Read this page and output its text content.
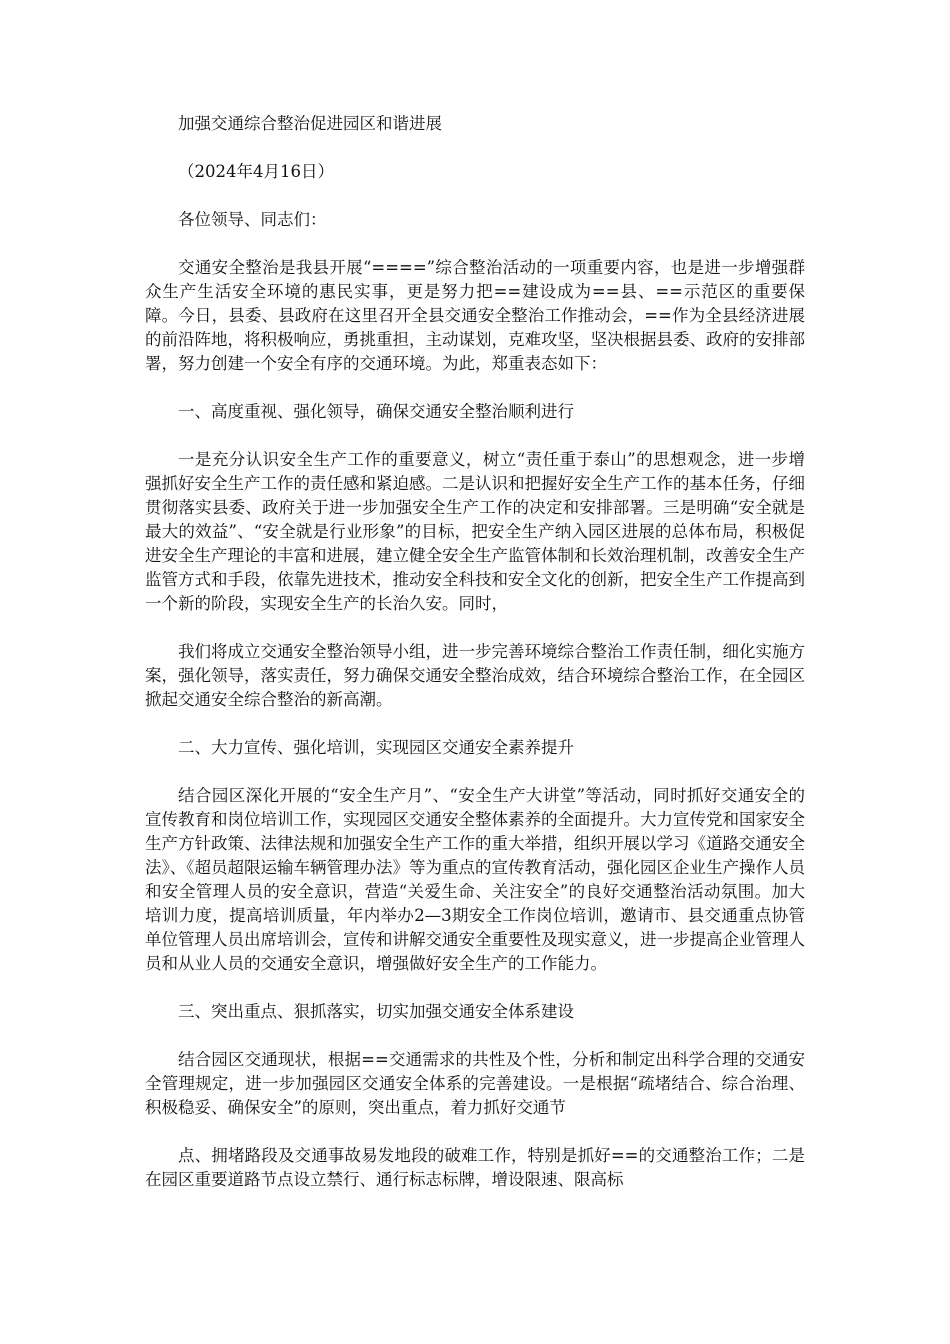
加强交通综合整治促进园区和谐进展

（2024年4月16日）

各位领导、同志们：

交通安全整治是我县开展“====”综合整治活动的一项重要内容，也是进一步增强群众生产生活安全环境的惠民实事，更是努力把==建设成为==县、==示范区的重要保障。今日，县委、县政府在这里召开全县交通安全整治工作推动会，==作为全县经济进展的前沿阵地，将积极响应，勇挑重担，主动谋划，克难攻坚，坚决根据县委、政府的安排部署，努力创建一个安全有序的交通环境。为此，郑重表态如下：

一、高度重视、强化领导，确保交通安全整治顺利进行

一是充分认识安全生产工作的重要意义，树立“责任重于泰山”的思想观念，进一步增强抓好安全生产工作的责任感和紧迫感。二是认识和把握好安全生产工作的基本任务，仔细贯彻落实县委、政府关于进一步加强安全生产工作的决定和安排部署。三是明确“安全就是最大的效益”、“安全就是行业形象”的目标，把安全生产纳入园区进展的总体布局，积极促进安全生产理论的丰富和进展，建立健全安全生产监管体制和长效治理机制，改善安全生产监管方式和手段，依靠先进技术，推动安全科技和安全文化的创新，把安全生产工作提高到一个新的阶段，实现安全生产的长治久安。同时，

我们将成立交通安全整治领导小组，进一步完善环境综合整治工作责任制，细化实施方案，强化领导，落实责任，努力确保交通安全整治成效，结合环境综合整治工作，在全园区掀起交通安全综合整治的新高潮。

二、大力宣传、强化培训，实现园区交通安全素养提升

结合园区深化开展的“安全生产月”、“安全生产大讲堂”等活动，同时抓好交通安全的宣传教育和岗位培训工作，实现园区交通安全整体素养的全面提升。大力宣传党和国家安全生产方针政策、法律法规和加强安全生产工作的重大举措，组织开展以学习《道路交通安全法》、《超员超限运输车辆管理办法》等为重点的宣传教育活动，强化园区企业生产操作人员和安全管理人员的安全意识，营造“关爱生命、关注安全”的良好交通整治活动氛围。加大培训力度，提高培训质量，年内举办2—3期安全工作岗位培训，邀请市、县交通重点协管单位管理人员出席培训会，宣传和讲解交通安全重要性及现实意义，进一步提高企业管理人员和从业人员的交通安全意识，增强做好安全生产的工作能力。

三、突出重点、狠抓落实，切实加强交通安全体系建设

结合园区交通现状，根据==交通需求的共性及个性，分析和制定出科学合理的交通安全管理规定，进一步加强园区交通安全体系的完善建设。一是根据“疏堵结合、综合治理、积极稳妥、确保安全”的原则，突出重点，着力抓好交通节

点、拥堵路段及交通事故易发地段的破难工作，特别是抓好==的交通整治工作；二是在园区重要道路节点设立禁行、通行标志标牌，增设限速、限高标
